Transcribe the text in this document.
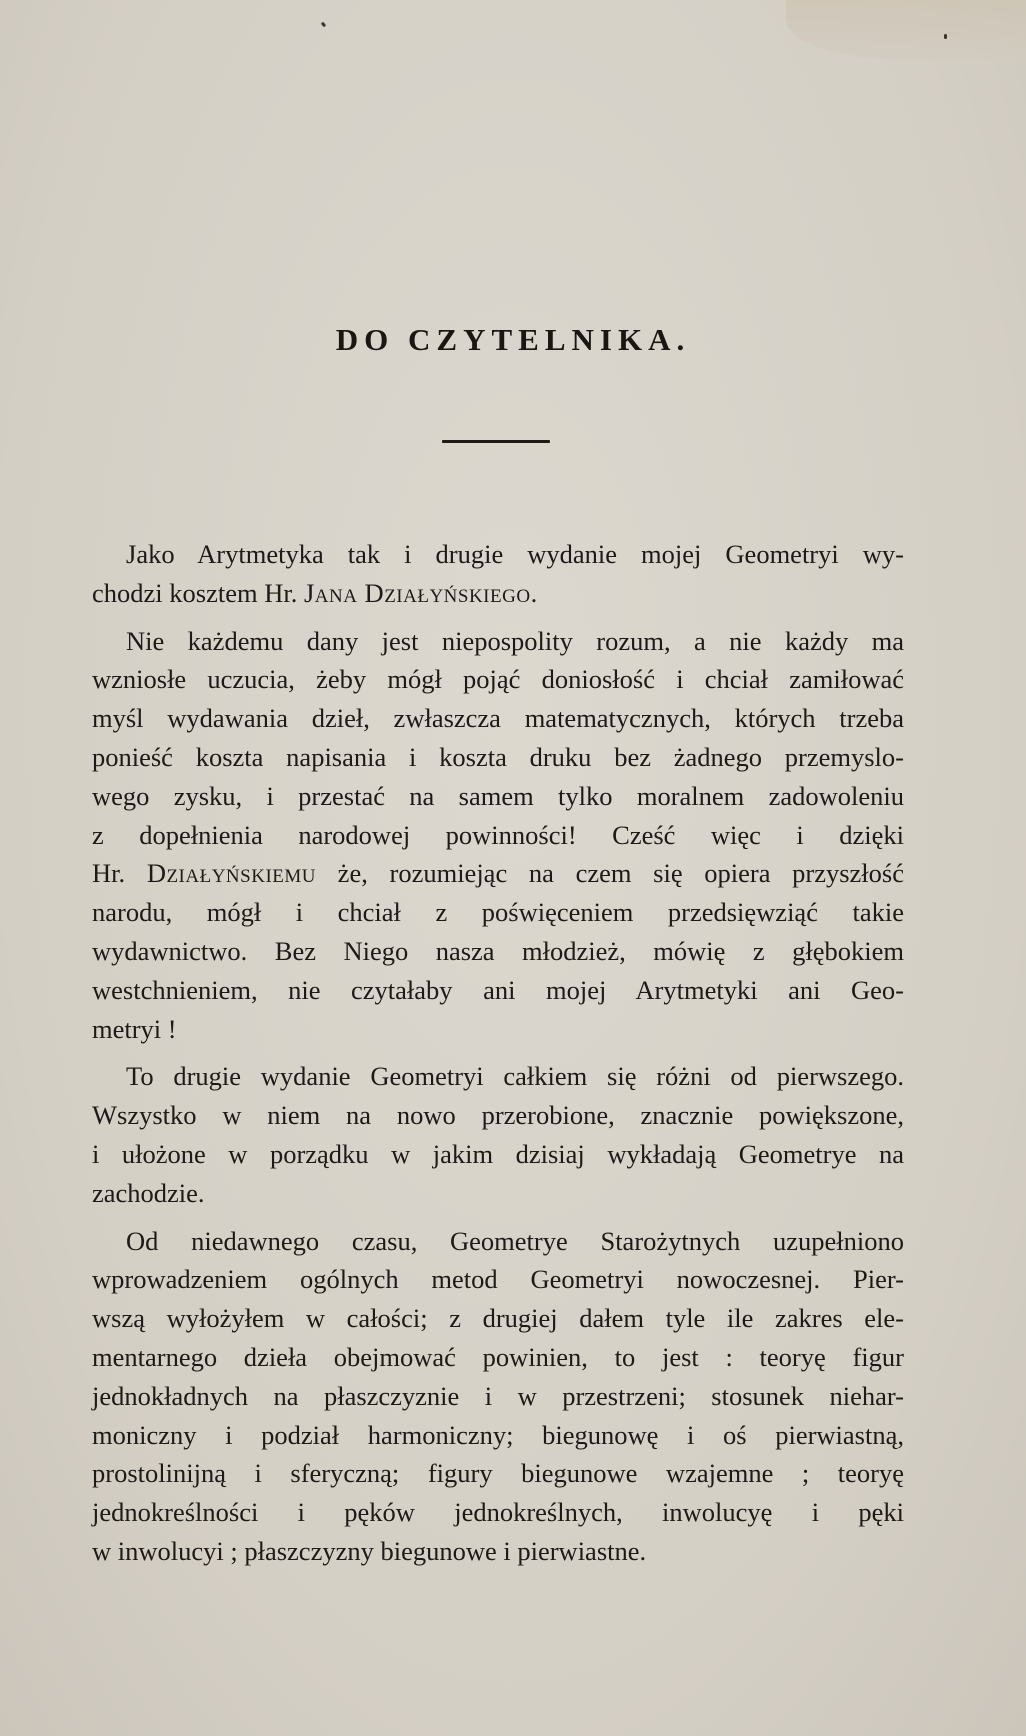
DO CZYTELNIKA.
Jako Arytmetyka tak i drugie wydanie mojej Geometryi wy-
chodzi kosztem Hr. Jana Działyńskiego.
Nie każdemu dany jest niepospolity rozum, a nie każdy ma
wzniosłe uczucia, żeby mógł pojąć doniosłość i chciał zamiłować
myśl wydawania dzieł, zwłaszcza matematycznych, których trzeba
ponieść koszta napisania i koszta druku bez żadnego przemyslo-
wego zysku, i przestać na samem tylko moralnem zadowoleniu
z dopełnienia narodowej powinności! Cześć więc i dzięki
Hr. Działyńskiemu że, rozumiejąc na czem się opiera przyszłość
narodu, mógł i chciał z poświęceniem przedsięwziąć takie
wydawnictwo. Bez Niego nasza młodzież, mówię z głębokiem
westchnieniem, nie czytałaby ani mojej Arytmetyki ani Geo-
metryi !
To drugie wydanie Geometryi całkiem się różni od pierwszego.
Wszystko w niem na nowo przerobione, znacznie powiększone,
i ułożone w porządku w jakim dzisiaj wykładają Geometrye na
zachodzie.
Od niedawnego czasu, Geometrye Starożytnych uzupełniono
wprowadzeniem ogólnych metod Geometryi nowoczesnej. Pier-
wszą wyłożyłem w całości; z drugiej dałem tyle ile zakres ele-
mentarnego dzieła obejmować powinien, to jest : teoryę figur
jednokładnych na płaszczyznie i w przestrzeni; stosunek niehar-
moniczny i podział harmoniczny; biegunowę i oś pierwiastną,
prostolinijną i sferyczną; figury biegunowe wzajemne ; teoryę
jednokreślności i pęków jednokreślnych, inwolucyę i pęki
w inwolucyi ; płaszczyzny biegunowe i pierwiastne.
